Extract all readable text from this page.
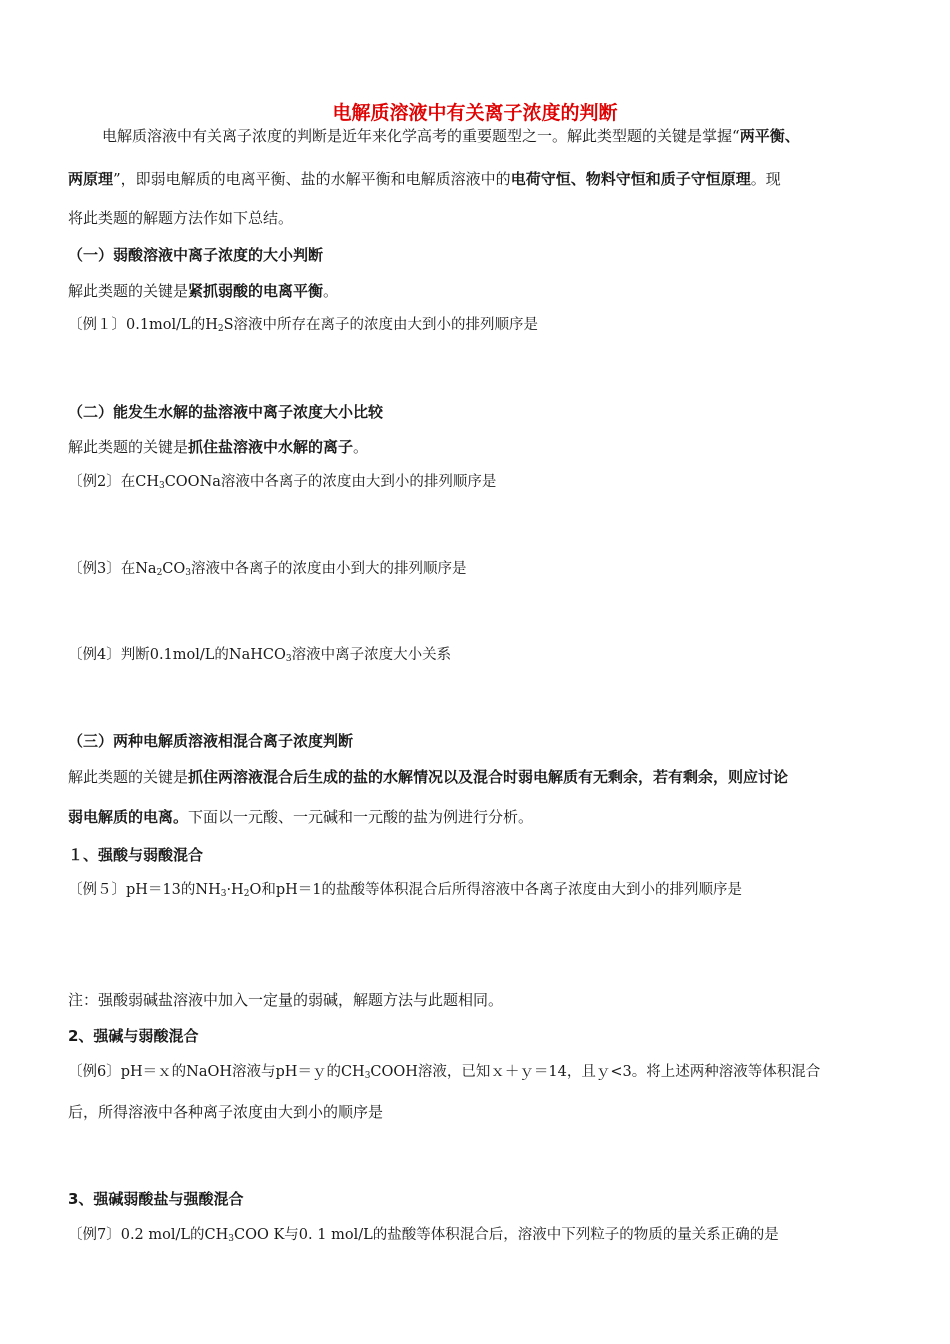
电解质溶液中有关离子浓度的判断
电解质溶液中有关离子浓度的判断是近年来化学高考的重要题型之一。解此类型题的关键是掌握“两平衡、
两原理”，即弱电解质的电离平衡、盐的水解平衡和电解质溶液中的电荷守恒、物料守恒和质子守恒原理。现
将此类题的解题方法作如下总结。
（一）弱酸溶液中离子浓度的大小判断
解此类题的关键是紧抓弱酸的电离平衡。
〔例１〕0.1mol/L的$H_2S$溶液中所存在离子的浓度由大到小的排列顺序是
（二）能发生水解的盐溶液中离子浓度大小比较
解此类题的关键是抓住盐溶液中水解的离子。
〔例2〕在$CH_3COONa$溶液中各离子的浓度由大到小的排列顺序是
〔例3〕在$Na_2CO_3$溶液中各离子的浓度由小到大的排列顺序是
〔例4〕判断0.1mol/L的NaHCO$_3$溶液中离子浓度大小关系
（三）两种电解质溶液相混合离子浓度判断
解此类题的关键是抓住两溶液混合后生成的盐的水解情况以及混合时弱电解质有无剩余，若有剩余，则应讨论
弱电解质的电离。下面以一元酸、一元碱和一元酸的盐为例进行分析。
１、强酸与弱酸混合
〔例５〕pH＝13的$NH_3\cdot H_2O$和pH＝1的盐酸等体积混合后所得溶液中各离子浓度由大到小的排列顺序是
注：强酸弱碱盐溶液中加入一定量的弱碱，解题方法与此题相同。
2、强碱与弱酸混合
〔例6〕pH＝ｘ的NaOH溶液与pH＝ｙ的$CH_3COOH$溶液，已知ｘ＋ｙ＝14，且ｙ<3。将上述两种溶液等体积混合
后，所得溶液中各种离子浓度由大到小的顺序是
3、强碱弱酸盐与强酸混合
〔例7〕0.2 mol/L的$CH_3COO$ K与0. 1 mol/L的盐酸等体积混合后，溶液中下列粒子的物质的量关系正确的是
